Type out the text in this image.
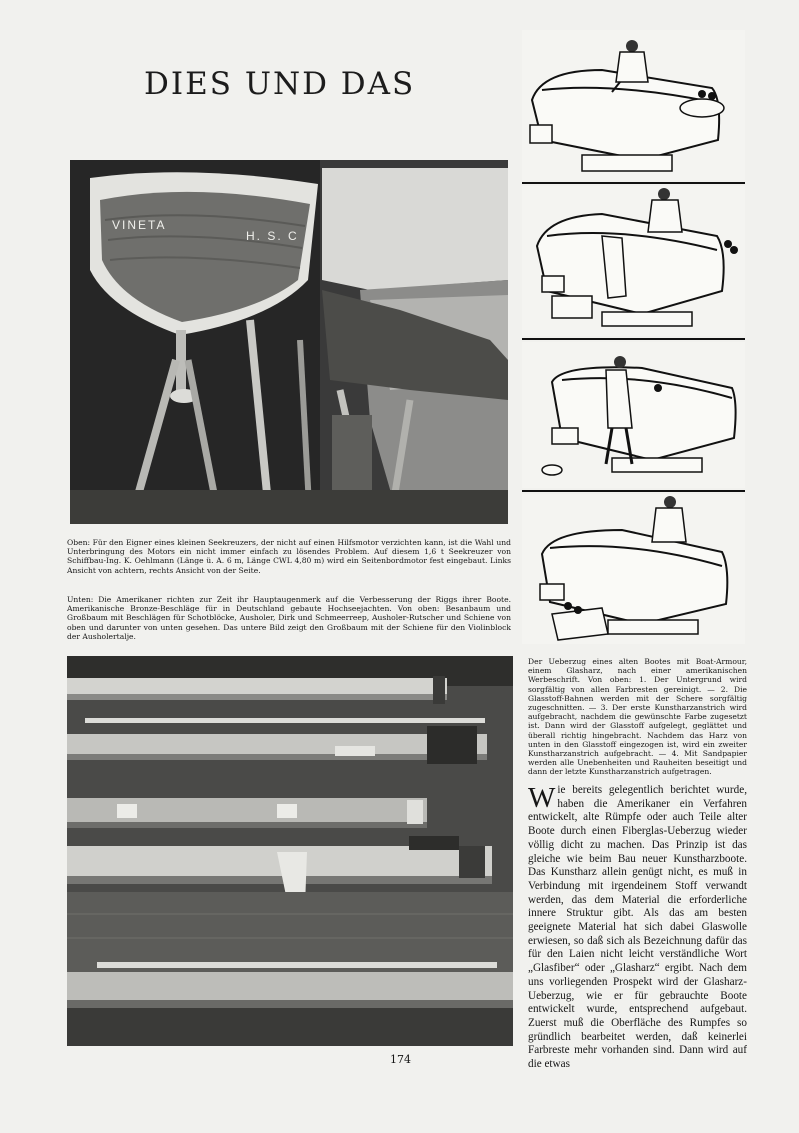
DIES UND DAS
VINETA
H. S. C

Oben: Für den Eigner eines kleinen Seekreuzers, der nicht auf einen Hilfsmotor verzichten kann, ist die Wahl und Unterbringung des Motors ein nicht immer einfach zu lösendes Problem. Auf diesem 1,6 t Seekreuzer von Schiffbau-Ing. K. Oehlmann (Länge ü. A. 6 m, Länge CWL 4,80 m) wird ein Seitenbordmotor fest eingebaut. Links Ansicht von achtern, rechts Ansicht von der Seite.

Unten: Die Amerikaner richten zur Zeit ihr Hauptaugenmerk auf die Verbesserung der Riggs ihrer Boote. Amerikanische Bronze-Beschläge für in Deutschland gebaute Hochseejachten. Von oben: Besanbaum und Großbaum mit Beschlägen für Schotblöcke, Ausholer, Dirk und Schmeerreep, Ausholer-Rutscher und Schiene von oben und darunter von unten gesehen. Das untere Bild zeigt den Großbaum mit der Schiene für den Violinblock der Ausholertalje.

Der Ueberzug eines alten Bootes mit Boat-Armour, einem Glasharz, nach einer amerikanischen Werbeschrift. Von oben: 1. Der Untergrund wird sorgfältig von allen Farbresten gereinigt. — 2. Die Glasstoff-Bahnen werden mit der Schere sorgfältig zugeschnitten. — 3. Der erste Kunstharzanstrich wird aufgebracht, nachdem die gewünschte Farbe zugesetzt ist. Dann wird der Glasstoff aufgelegt, geglättet und überall richtig hingebracht. Nachdem das Harz von unten in den Glasstoff eingezogen ist, wird ein zweiter Kunstharzanstrich aufgebracht. — 4. Mit Sandpapier werden alle Unebenheiten und Rauheiten beseitigt und dann der letzte Kunstharzanstrich aufgetragen.

W ie bereits gelegentlich berichtet wurde, haben die Amerikaner ein Verfahren entwickelt, alte Rümpfe oder auch Teile alter Boote durch einen Fiberglas-Ueberzug wieder völlig dicht zu machen. Das Prinzip ist das gleiche wie beim Bau neuer Kunstharzboote. Das Kunstharz allein genügt nicht, es muß in Verbindung mit irgendeinem Stoff verwandt werden, das dem Material die erforderliche innere Struktur gibt. Als das am besten geeignete Material hat sich dabei Glaswolle erwiesen, so daß sich als Bezeichnung dafür das für den Laien nicht leicht verständliche Wort „Glasfiber“ oder „Glasharz“ ergibt. Nach dem uns vorliegenden Prospekt wird der Glasharz-Ueberzug, wie er für gebrauchte Boote entwickelt wurde, entsprechend aufgebaut. Zuerst muß die Oberfläche des Rumpfes so gründlich bearbeitet werden, daß keinerlei Farbreste mehr vorhanden sind. Dann wird auf die etwas
174
